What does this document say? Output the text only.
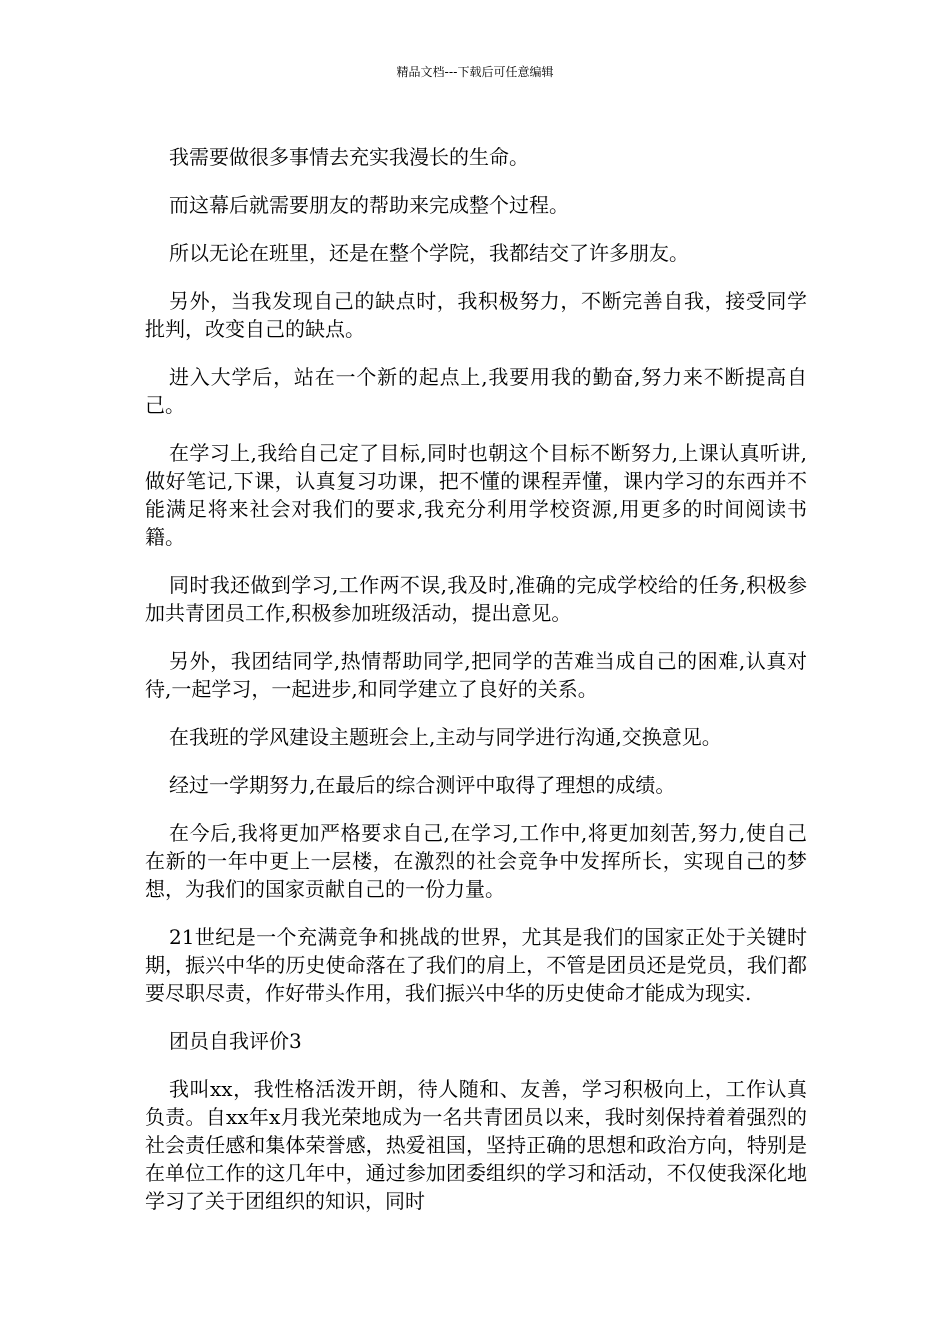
精品文档---下载后可任意编辑

我需要做很多事情去充实我漫长的生命。

而这幕后就需要朋友的帮助来完成整个过程。

所以无论在班里，还是在整个学院，我都结交了许多朋友。

另外，当我发现自己的缺点时，我积极努力，不断完善自我，接受同学批判，改变自己的缺点。

进入大学后，站在一个新的起点上,我要用我的勤奋,努力来不断提高自己。

在学习上,我给自己定了目标,同时也朝这个目标不断努力,上课认真听讲,做好笔记,下课，认真复习功课，把不懂的课程弄懂，课内学习的东西并不能满足将来社会对我们的要求,我充分利用学校资源,用更多的时间阅读书籍。

同时我还做到学习,工作两不误,我及时,准确的完成学校给的任务,积极参加共青团员工作,积极参加班级活动，提出意见。

另外，我团结同学,热情帮助同学,把同学的苦难当成自己的困难,认真对待,一起学习，一起进步,和同学建立了良好的关系。

在我班的学风建设主题班会上,主动与同学进行沟通,交换意见。

经过一学期努力,在最后的综合测评中取得了理想的成绩。

在今后,我将更加严格要求自己,在学习,工作中,将更加刻苦,努力,使自己在新的一年中更上一层楼，在激烈的社会竞争中发挥所长，实现自己的梦想，为我们的国家贡献自己的一份力量。

21世纪是一个充满竞争和挑战的世界，尤其是我们的国家正处于关键时期，振兴中华的历史使命落在了我们的肩上，不管是团员还是党员，我们都要尽职尽责，作好带头作用，我们振兴中华的历史使命才能成为现实.

团员自我评价3

我叫xx，我性格活泼开朗，待人随和、友善，学习积极向上，工作认真负责。自xx年x月我光荣地成为一名共青团员以来，我时刻保持着着强烈的社会责任感和集体荣誉感，热爱祖国，坚持正确的思想和政治方向，特别是在单位工作的这几年中，通过参加团委组织的学习和活动，不仅使我深化地学习了关于团组织的知识，同时
